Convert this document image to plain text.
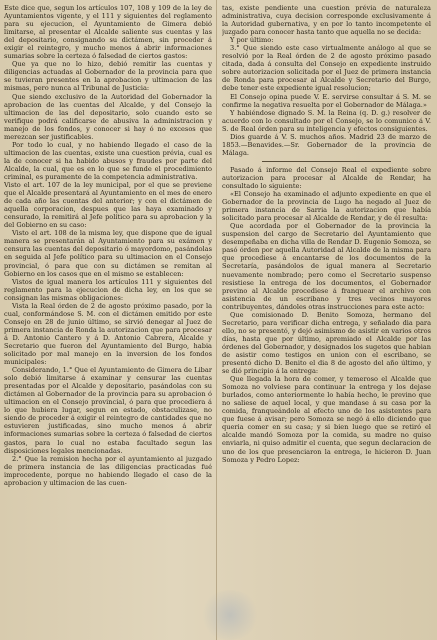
Este dice que, segun los artículos 107, 108 y 109 de la ley de Ayuntamientos vigente, y el 111 y siguientes del reglamento para su ejecucion, el Ayuntamiento de Gimera debió limitarse, al presentar el Alcalde saliente sus cuentas y las del depositario, consignando su dictámen, sin proceder á exigir el reintegro, y mucho menos á abrir informaciones sumarias sobre la certeza ó falsedad de ciertos gastos:

Que ya que no lo hizo, debió remitir las cuentas y diligencias actuadas al Gobernador de la provincia para que se tuvieran presentes en la aprobacion y ultimacion de las mismas, pero nunca al Tribunal de Justicia:

Que siendo exclusivo de la Autoridad del Gobernador la aprobacion de las cuentas del Alcalde, y del Consejo la ultimacion de las del depositario, solo cuando esto se verifique podrá calificarse de abusiva la administracion y manejo de los fondos, y conocer si hay ó no excesos que merezcan ser justificables.

Por todo lo cual, y no habiendo llegado el caso de la ultimacion de las cuentas, existe una cuestion prévia, cual es la de conocer si ha habido abusos y fraudes por parte del Alcalde, la cual, que es en lo que se funde el procedimiento criminal, es puramente de la competencia administrativa.

Visto el art. 107 de la ley municipal, por el que se previene que el Alcalde presentará al Ayuntamiento en el mes de enero de cada año las cuentas del anterior; y con el dictámen de aquella corporacion, despues que las haya examinado y censurado, la remitirá al Jefe político para su aprobacion y la del Gobierno en su caso:

Visto el art. 108 de la misma ley, que dispone que de igual manera se presentarán al Ayuntamiento para su exámen y censura las cuentas del depositario ó mayordomo, pasándolas en seguida al Jefe político para su ultimacion en el Consejo provincial, ó para que con su dictámen se remitan al Gobierno en los casos que en el mismo se establecen:

Vistos de igual manera los artículos 111 y siguientes del reglamento para la ejecucion de dicha ley, en los que se consignan las mismas obligaciones:

Vista la Real órden de 2 de agosto próximo pasado, por la cual, conformándose S. M. con el dictámen emitido por este Consejo en 28 de junio último, se sirvió denegar al Juez de primera instancia de Ronda la autorizacion que para procesar á D. Antonio Cantero y á D. Antonio Cabrera, Alcalde y Secretario que fueron del Ayuntamiento del Burgo, habia solicitado por mal manejo en la inversion de los fondos municipales:

Considerando, 1.° Que el Ayuntamiento de Gimera de Libar solo debió limitarse á examinar y censurar las cuentas presentadas por el Alcalde y depositario, pasándolas con su dictámen al Gobernador de la provincia para su aprobacion ó ultimacion en el Consejo provincial, ó para que procediera á lo que hubiera lugar, segun en estado, obstaculizase, no siendo de proceder á exigir el reintegro de cantidades que no estuvieren justificadas, sino mucho menos á abrir informaciones sumarias sobre la certeza ó falsedad de ciertos gastos, para lo cual no estaba facultado segun las disposiciones legales mencionadas.

2.° Que la remision hecha por el ayuntamiento al juzgado de primera instancia de las diligencias practicadas fué improcedente, porque no habiendo llegado el caso de la aprobacion y ultimacion de las cuen-

tas, existe pendiente una cuestion prévia de naturaleza administrativa, cuya decision corresponde exclusivamente á la Autoridad gubernativa, y en por lo tanto incompetente el juzgado para conocer hasta tanto que aquella no se decida:

Y por último:

3.° Que siendo este caso virtualmente análogo al que se resolvió por la Real órden de 2 de agosto próximo pasado citada, dada á consulta del Consejo en expediente instruido sobre autorizacion solicitada por el Juez de primera instancia de Ronda para procesar al Alcalde y Secretario del Burgo, debe tener este expediente igual resolucion;

El Consejo opina puede V. E. servirse consultar á S. M. se confirme la negativa resuelta por el Gobernador de Málaga.»

Y habiéndose dignado S. M. la Reina (q. D. g.) resolver de acuerdo con lo consultado por el Consejo, se lo comunico á V. S. de Real órden para su inteligencia y efectos consiguientes.

Dios guarde á V. S. muchos años. Madrid 23 de marzo de 1853.—Benavides.—Sr. Gobernador de la provincia de Málaga.

Pasado á informe del Consejo Real el expediente sobre autorizacion para procesar al Alcalde de Rendar, ha consultado lo siguiente:

«El Consejo ha examinado el adjunto expediente en que el Gobernador de la provincia de Lugo ha negado al Juez de primera instancia de Sarria la autorizacion que había solicitado para procesar al Alcalde de Rendar, y de él resulta:

Que acordada por el Gobernador de la provincia la suspension del cargo de Secretario del Ayuntamiento que desempeñaba en dicha villa de Rendar D. Eugenio Somoza, se pasó órden por aquella Autoridad al Alcalde de la misma para que procediese á encantarse de los documentos de la Secretaría, pasándolos de igual manera al Secretario nuevamente nombrado; pero como el Secretario suspenso resistiese la entrega de los documentos, el Gobernador previno al Alcalde procediese á franquear el archivo con asistencia de un escribano y tres vecinos mayores contribuyentes, dándoles otras instrucciones para este acto:

Que comisionado D. Benito Somoza, hermano del Secretario, para verificar dicha entrega, y señalado dia para ello, no se presentó, y dejó asimismo de asistir en varios otros días, hasta que por último, apremiado el Alcalde por las órdenes del Gobernador, y designados los sugetos que habian de asistir como testigos en union con el escribano, se presentó dicho D. Benito el dia 8 de agosto del año último, y se dió principio á la entrega:

Que llegada la hora de comer, y temeroso el Alcalde que Somoza no volviese para continuar la entrega y los dejase burlados, como anteriormente lo había hecho, le previno que no saliese de aquel local, y que mandase á su casa por la comida, franqueándole al efecto uno de los asistentes para que fuese á avisar; pero Somoza se negó á ello diciendo que queria comer en su casa; y si bien luego que se retiró el alcalde mandó Somoza por la comida, su madre no quiso enviarla, ni quiso admitir el cuenta, que segun declaracion de uno de los que presenciaron la entrega, le hicieron D. Juan Somoza y Pedro Lopez:
